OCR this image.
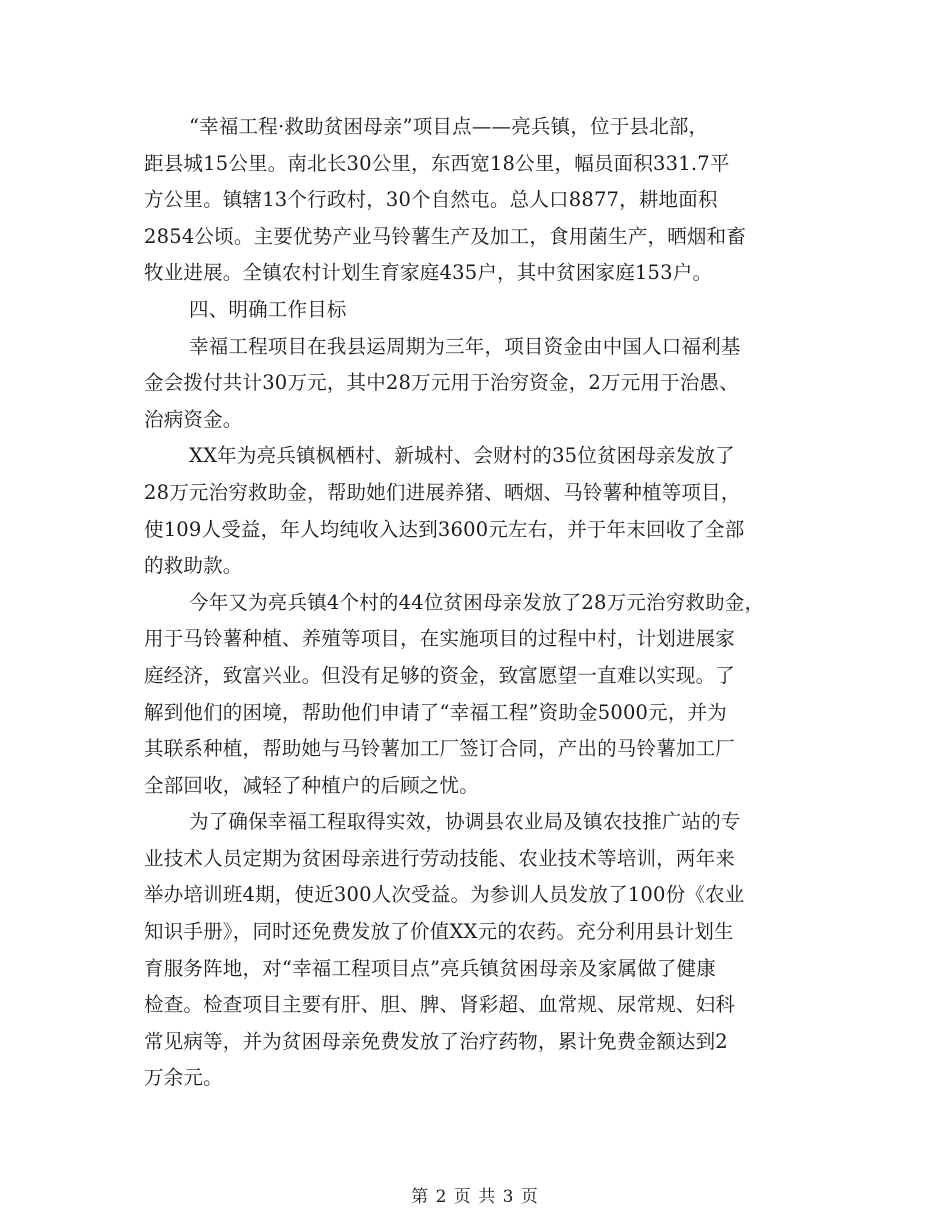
“幸福工程·救助贫困母亲”项目点——亮兵镇，位于县北部，
距县城15公里。南北长30公里，东西宽18公里，幅员面积331.7平
方公里。镇辖13个行政村，30个自然屯。总人口8877，耕地面积
2854公顷。主要优势产业马铃薯生产及加工，食用菌生产，晒烟和畜
牧业进展。全镇农村计划生育家庭435户，其中贫困家庭153户。
四、明确工作目标
幸福工程项目在我县运周期为三年，项目资金由中国人口福利基
金会拨付共计30万元，其中28万元用于治穷资金，2万元用于治愚、
治病资金。
XX年为亮兵镇枫栖村、新城村、会财村的35位贫困母亲发放了
28万元治穷救助金，帮助她们进展养猪、晒烟、马铃薯种植等项目，
使109人受益，年人均纯收入达到3600元左右，并于年末回收了全部
的救助款。
今年又为亮兵镇4个村的44位贫困母亲发放了28万元治穷救助金，
用于马铃薯种植、养殖等项目，在实施项目的过程中村，计划进展家
庭经济，致富兴业。但没有足够的资金，致富愿望一直难以实现。了
解到他们的困境，帮助他们申请了“幸福工程”资助金5000元，并为
其联系种植，帮助她与马铃薯加工厂签订合同，产出的马铃薯加工厂
全部回收，减轻了种植户的后顾之忧。
为了确保幸福工程取得实效，协调县农业局及镇农技推广站的专
业技术人员定期为贫困母亲进行劳动技能、农业技术等培训，两年来
举办培训班4期，使近300人次受益。为参训人员发放了100份《农业
知识手册》，同时还免费发放了价值XX元的农药。充分利用县计划生
育服务阵地，对“幸福工程项目点”亮兵镇贫困母亲及家属做了健康
检查。检查项目主要有肝、胆、脾、肾彩超、血常规、尿常规、妇科
常见病等，并为贫困母亲免费发放了治疗药物，累计免费金额达到2
万余元。
第 2 页 共 3 页
